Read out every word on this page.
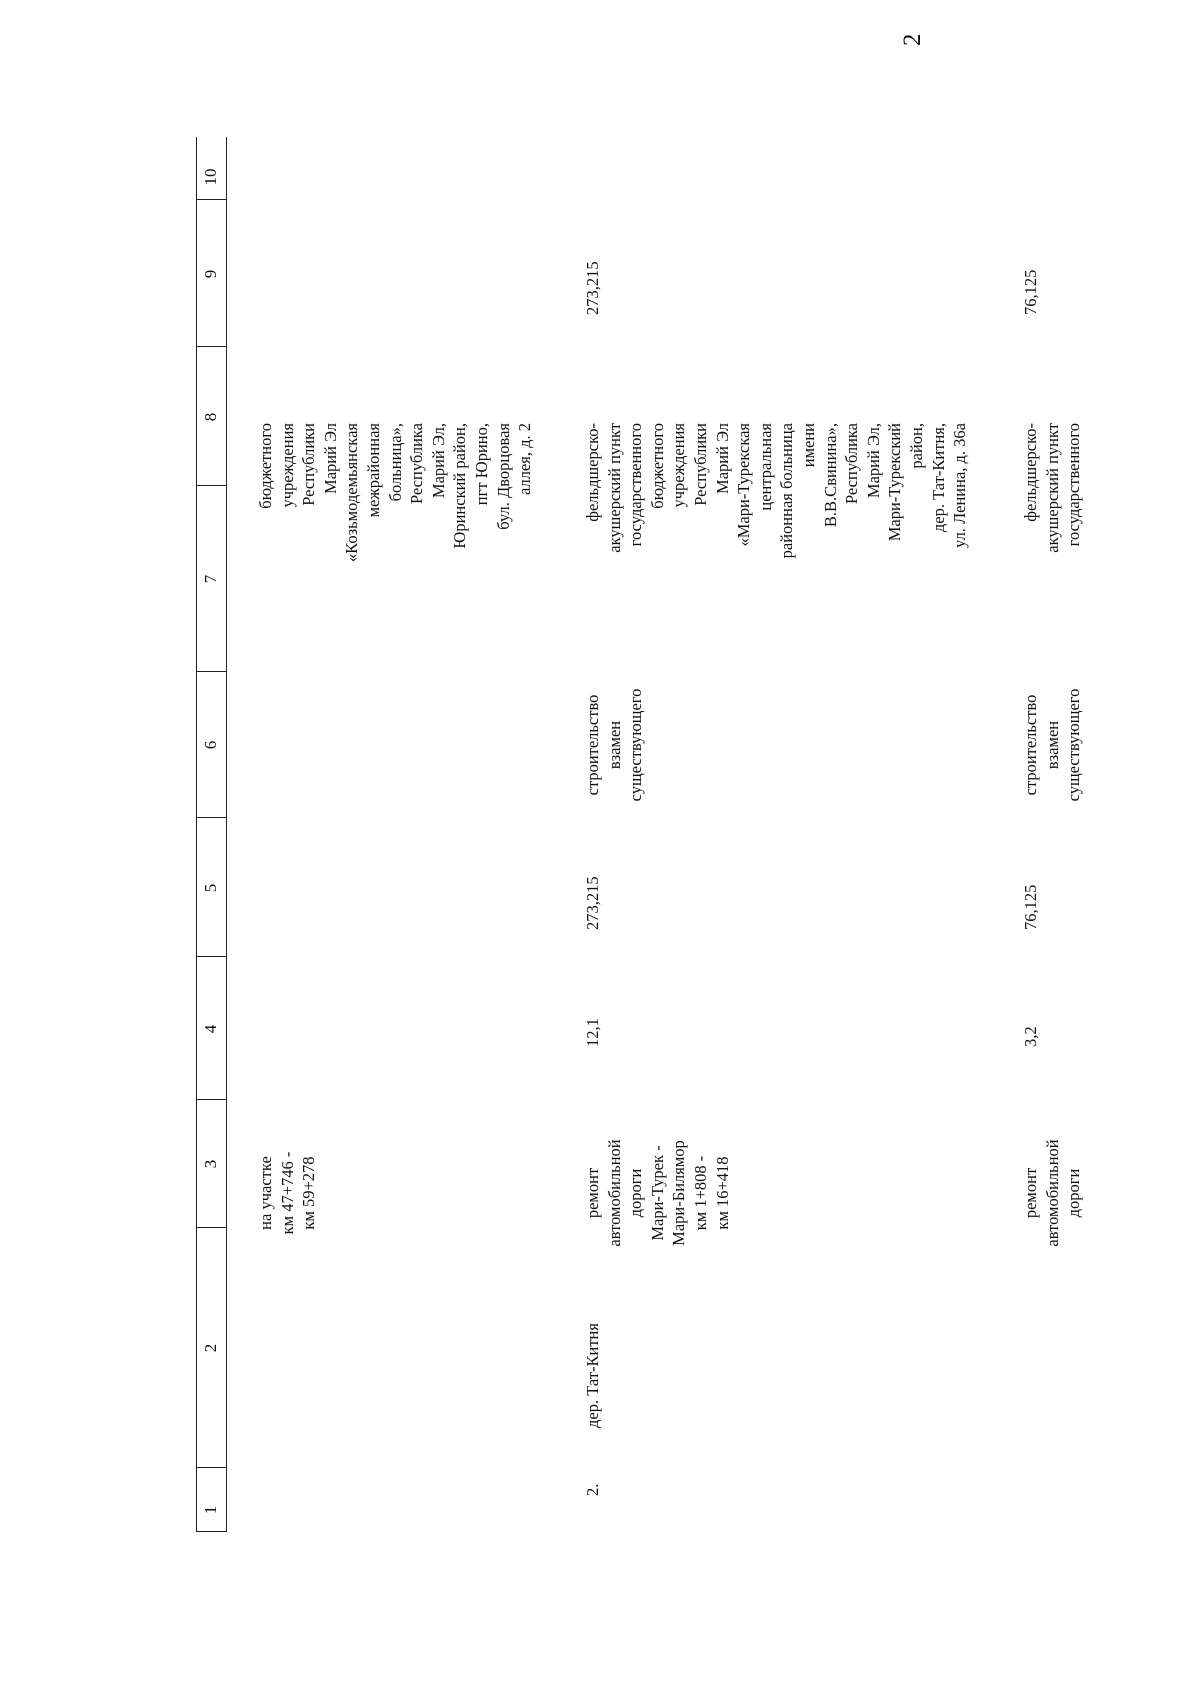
2
1
2
3
4
5
6
7
8
9
10
на участке
км 47+746 -
км 59+278
бюджетного
учреждения
Республики
Марий Эл
«Козьмодемьянская
межрайонная
больница»,
Республика
Марий Эл,
Юринский район,
пгт Юрино,
бул. Дворцовая
аллея, д. 2
2.
дер. Тат-Китня
ремонт
автомобильной
дороги
Мари-Турек -
Мари-Билямор
км 1+808 -
км 16+418
12,1
273,215
строительство
взамен
существующего
фельдшерско-
акушерский пункт
государственного
бюджетного
учреждения
Республики
Марий Эл
«Мари-Турекская
центральная
районная больница
имени
В.В.Свинина»,
Республика
Марий Эл,
Мари-Турекский
район,
дер. Тат-Китня,
ул. Ленина, д. 36а
273,215
ремонт
автомобильной
дороги
3,2
76,125
строительство
взамен
существующего
фельдшерско-
акушерский пункт
государственного
76,125
